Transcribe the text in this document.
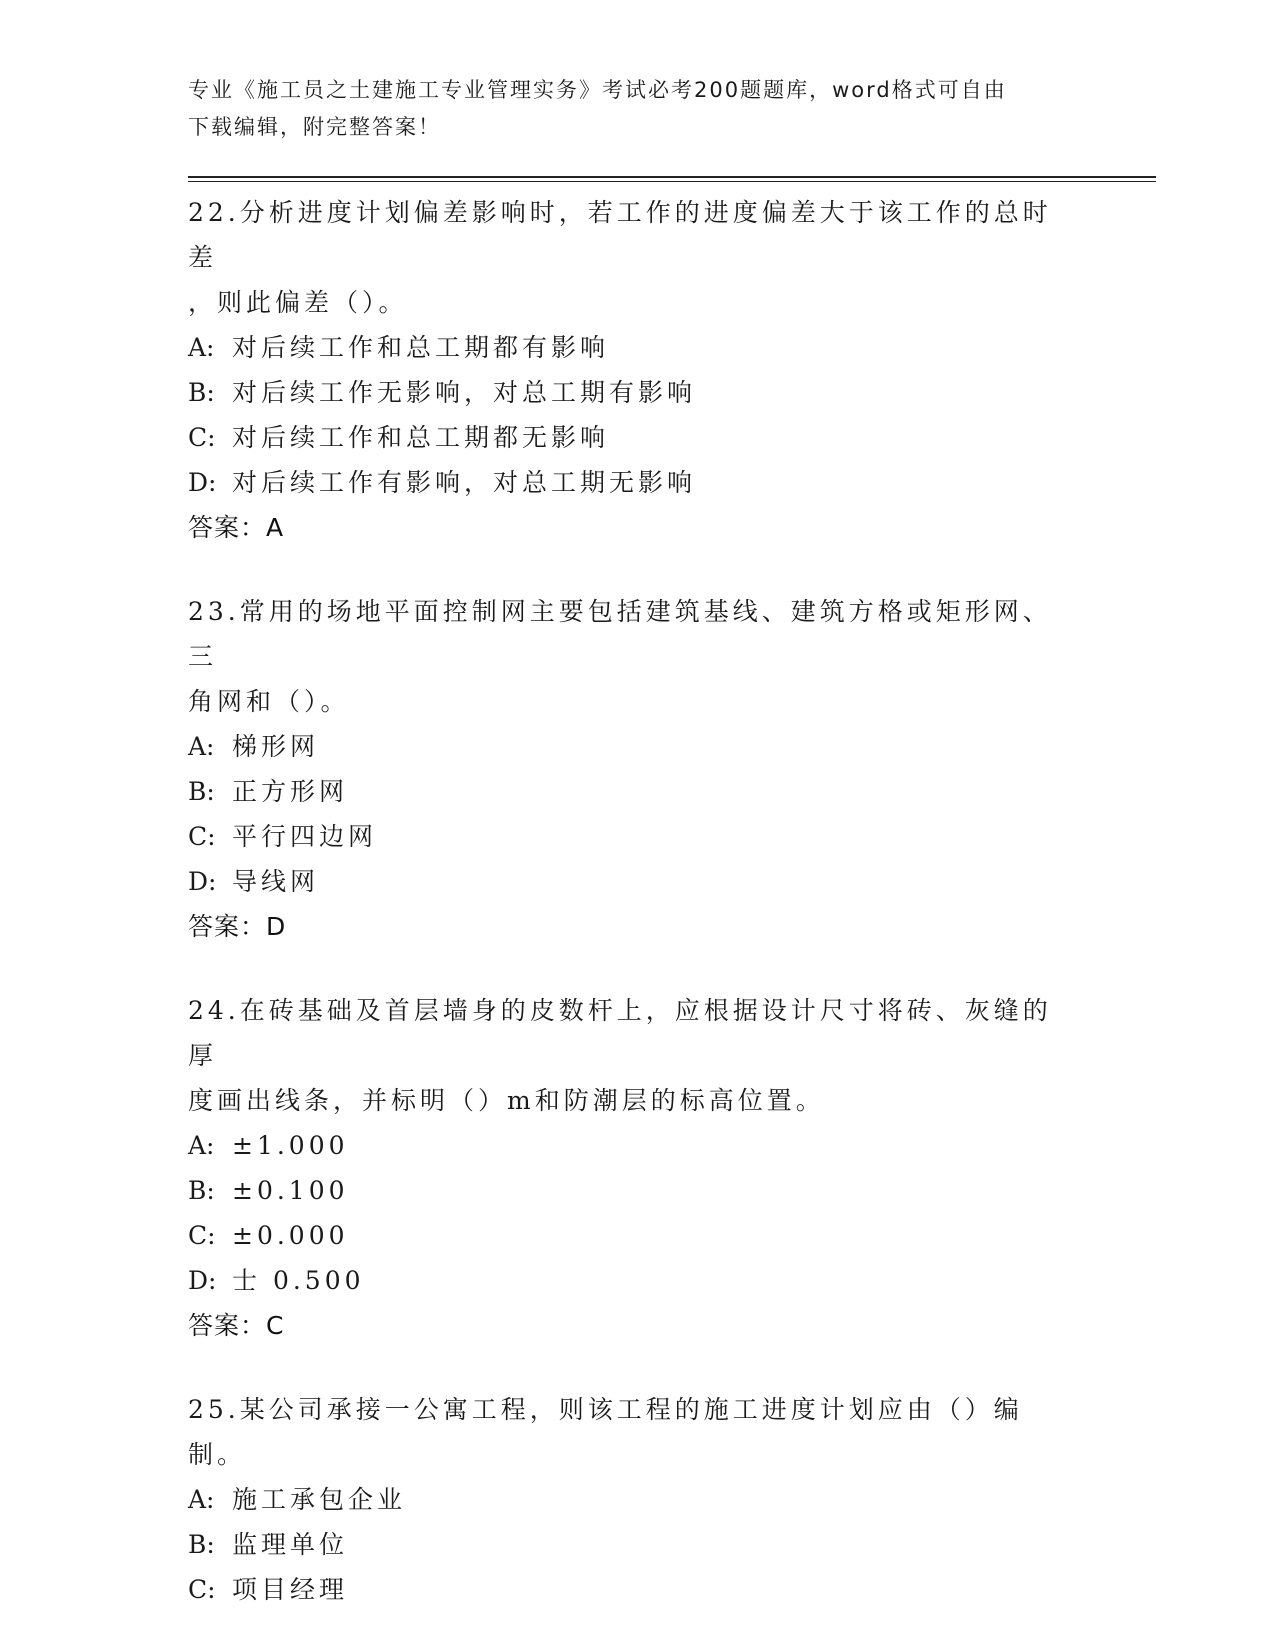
专业《施工员之土建施工专业管理实务》考试必考200题题库，word格式可自由
下载编辑，附完整答案！
22.分析进度计划偏差影响时，若工作的进度偏差大于该工作的总时差
，则此偏差（）。
A: 对后续工作和总工期都有影响
B: 对后续工作无影响，对总工期有影响
C: 对后续工作和总工期都无影响
D: 对后续工作有影响，对总工期无影响
答案：A
23.常用的场地平面控制网主要包括建筑基线、建筑方格或矩形网、三
角网和（）。
A: 梯形网
B: 正方形网
C: 平行四边网
D: 导线网
答案：D
24.在砖基础及首层墙身的皮数杆上，应根据设计尺寸将砖、灰缝的厚
度画出线条，并标明（）m和防潮层的标高位置。
A: ±1.000
B: ±0.100
C: ±0.000
D: 士 0.500
答案：C
25.某公司承接一公寓工程，则该工程的施工进度计划应由（）编制。
A: 施工承包企业
B: 监理单位
C: 项目经理
